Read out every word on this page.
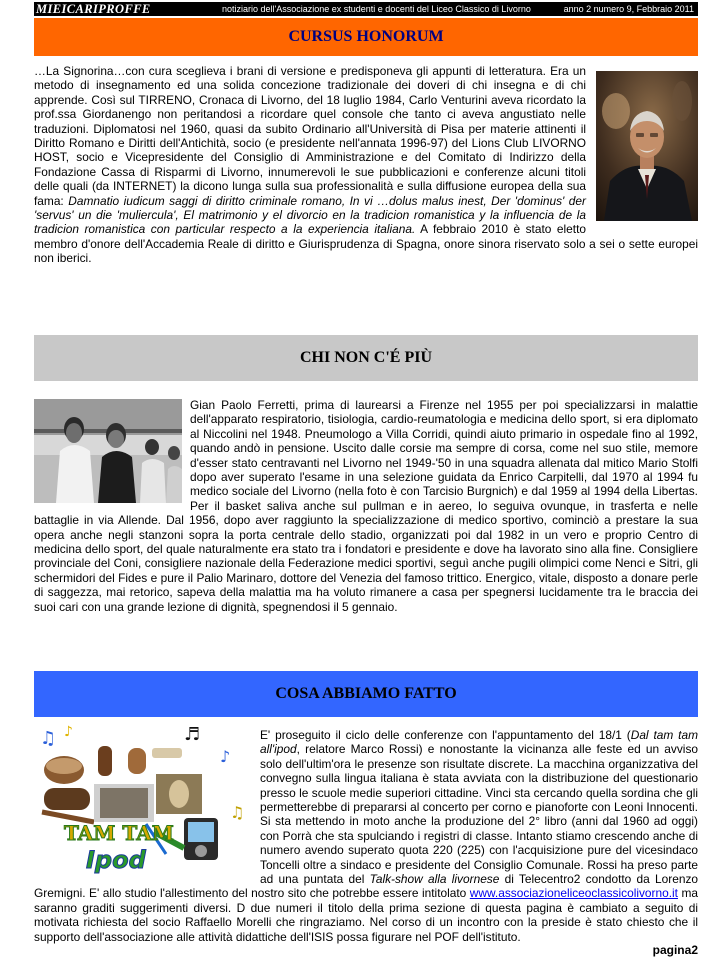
MIEICARIPROFFE	notiziario dell'Associazione ex studenti e docenti del Liceo Classico di Livorno	anno 2 numero 9, Febbraio 2011
CURSUS HONORUM
…La Signorina…con cura sceglieva i brani di versione e predisponeva gli appunti di letteratura. Era un metodo di insegnamento ed una solida concezione tradizionale dei doveri di chi insegna e di chi apprende. Così sul TIRRENO, Cronaca di Livorno, del 18 luglio 1984, Carlo Venturini aveva ricordato la prof.ssa Giordanengo non peritandosi a ricordare quel console che tanto ci aveva angustiato nelle traduzioni. Diplomatosi nel 1960, quasi da subito Ordinario all'Università di Pisa per materie attinenti il Diritto Romano e Diritti dell'Antichità, socio (e presidente nell'annata 1996-97) del Lions Club LIVORNO HOST, socio e Vicepresidente del Consiglio di Amministrazione e del Comitato di Indirizzo della Fondazione Cassa di Risparmi di Livorno, innumerevoli le sue pubblicazioni e conferenze alcuni titoli delle quali (da INTERNET) la dicono lunga sulla sua professionalità e sulla diffusione europea della sua fama: Damnatio iudicum saggi di diritto criminale romano, In vi …dolus malus inest, Der 'dominus' der 'servus' un die 'muliercula', El matrimonio y el divorcio en la tradicion romanistica y la influencia de la tradicion romanistica con particular respecto a la experiencia italiana. A febbraio 2010 è stato eletto membro d'onore dell'Accademia Reale di diritto e Giurisprudenza di Spagna, onore sinora riservato solo a sei o sette europei non iberici.
CHI NON C'É PIÙ
Gian Paolo Ferretti, prima di laurearsi a Firenze nel 1955 per poi specializzarsi in malattie dell'apparato respiratorio, tisiologia, cardio-reumatologia e medicina dello sport, si era diplomato al Niccolini nel 1948. Pneumologo a Villa Corridi, quindi aiuto primario in ospedale fino al 1992, quando andò in pensione. Uscito dalle corsie ma sempre di corsa, come nel suo stile, memore d'esser stato centravanti nel Livorno nel 1949-'50 in una squadra allenata dal mitico Mario Stolfi dopo aver superato l'esame in una selezione guidata da Enrico Carpitelli, dal 1970 al 1994 fu medico sociale del Livorno (nella foto è con Tarcisio Burgnich) e dal 1959 al 1994 della Libertas. Per il basket saliva anche sul pullman e in aereo, lo seguiva ovunque, in trasferta e nelle battaglie in via Allende. Dal 1956, dopo aver raggiunto la specializzazione di medico sportivo, cominciò a prestare la sua opera anche negli stanzoni sopra la porta centrale dello stadio, organizzati poi dal 1982 in un vero e proprio Centro di medicina dello sport, del quale naturalmente era stato tra i fondatori e presidente e dove ha lavorato sino alla fine. Consigliere provinciale del Coni, consigliere nazionale della Federazione medici sportivi, seguì anche pugili olimpici come Nenci e Sitri, gli schermidori del Fides e pure il Palio Marinaro, dottore del Venezia del famoso trittico. Energico, vitale, disposto a donare perle di saggezza, mai retorico, sapeva della malattia ma ha voluto rimanere a casa per spegnersi lucidamente tra le braccia dei suoi cari con una grande lezione di dignità, spegnendosi il 5 gennaio.
COSA ABBIAMO FATTO
♫ ♪	♬
♪
♫
TAM TAM
Ipod
E' proseguito il ciclo delle conferenze con l'appuntamento del 18/1 (Dal tam tam all'ipod, relatore Marco Rossi) e nonostante la vicinanza alle feste ed un avviso solo dell'ultim'ora le presenze son risultate discrete. La macchina organizzativa del convegno sulla lingua italiana è stata avviata con la distribuzione del questionario presso le scuole medie superiori cittadine. Vinci sta cercando quella sordina che gli permetterebbe di prepararsi al concerto per corno e pianoforte con Leoni Innocenti. Si sta mettendo in moto anche la produzione del 2° libro (anni dal 1960 ad oggi) con Porrà che sta spulciando i registri di classe. Intanto stiamo crescendo anche di numero avendo superato quota 220 (225) con l'acquisizione pure del vicesindaco Toncelli oltre a sindaco e presidente del Consiglio Comunale. Rossi ha preso parte ad una puntata del Talk-show alla livornese di Telecentro2 condotto da Lorenzo Gremigni. E' allo studio l'allestimento del nostro sito che potrebbe essere intitolato www.associazioneliceoclassicolivorno.it ma saranno graditi suggerimenti diversi. D due numeri il titolo della prima sezione di questa pagina è cambiato a seguito di motivata richiesta del socio Raffaello Morelli che ringraziamo. Nel corso di un incontro con la preside è stato chiesto che il supporto dell'associazione alle attività didattiche dell'ISIS possa figurare nel POF dell'istituto.
pagina2
